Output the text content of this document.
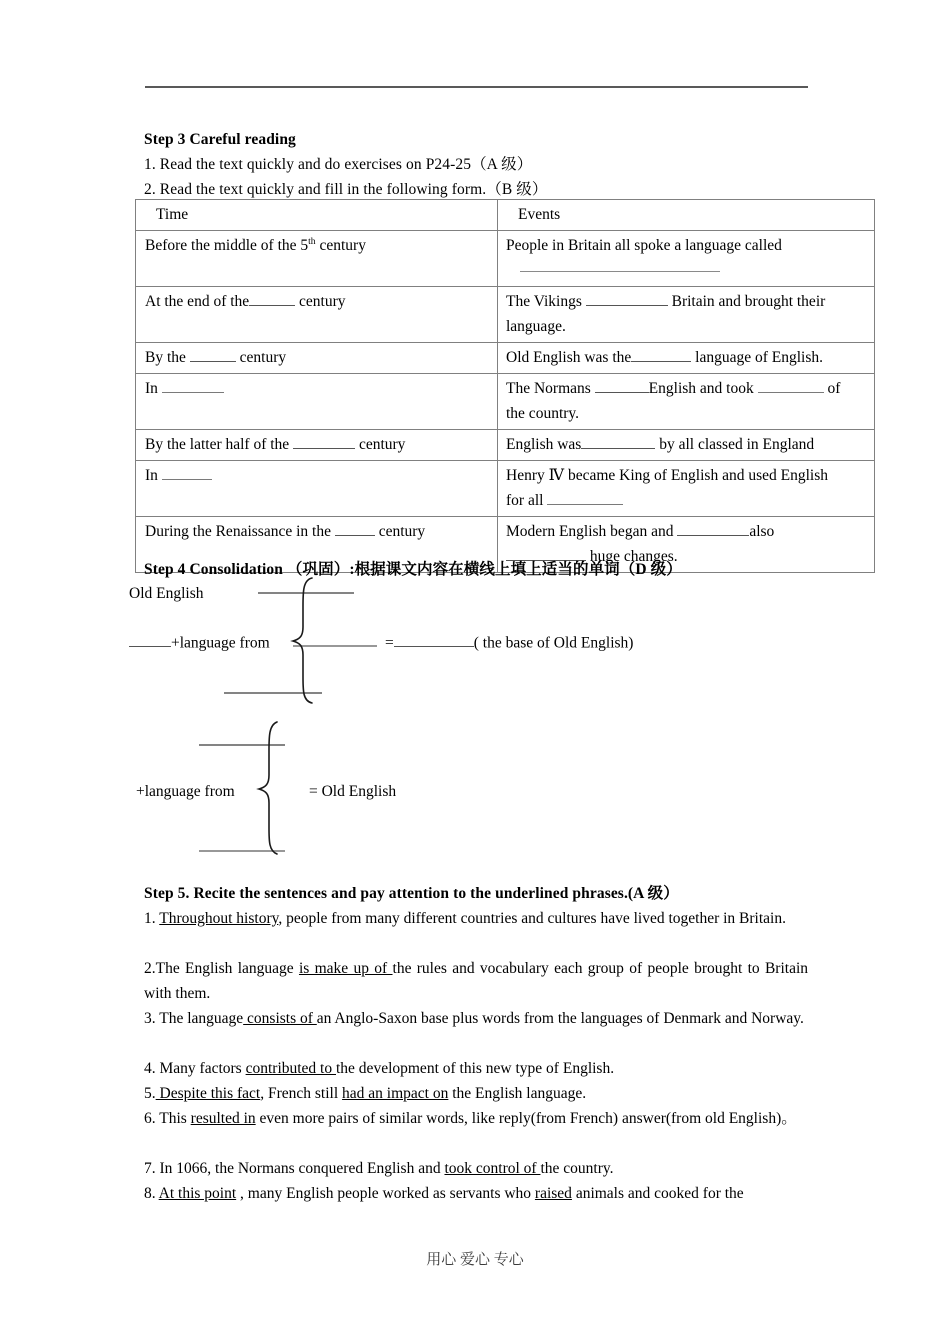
Step 3 Careful reading
1. Read the text quickly and do exercises on P24-25（A 级）
2. Read the text quickly and fill in the following form.（B 级）
Time	Events
Before the middle of the 5th century	People in Britain all spoke a language called

At the end of the century	The Vikings Britain and brought their
language.
By the century	Old English was the language of English.
In	The Normans English and took of
the country.
By the latter half of the century	English was by all classed in England
In	Henry Ⅳ became King of English and used English
for all
During the Renaissance in the century	Modern English began and also
huge changes.
Step 4 Consolidation （巩固）:根据课文内容在横线上填上适当的单词（D 级）
Old English
+language from	=	( the base of Old English)
+language from	= Old English
Step 5. Recite the sentences and pay attention to the underlined phrases.(A 级）
1. Throughout history, people from many different countries and cultures have lived together in Britain.
2.The English language is make up of the rules and vocabulary each group of people brought to Britain with them.
3. The language consists of an Anglo-Saxon base plus words from the languages of Denmark and Norway.
4. Many factors contributed to the development of this new type of English.
5. Despite this fact, French still had an impact on the English language.
6. This resulted in even more pairs of similar words, like reply(from French) answer(from old English)。
7. In 1066, the Normans conquered English and took control of the country.
8. At this point , many English people worked as servants who raised animals and cooked for the
用心 爱心 专心
